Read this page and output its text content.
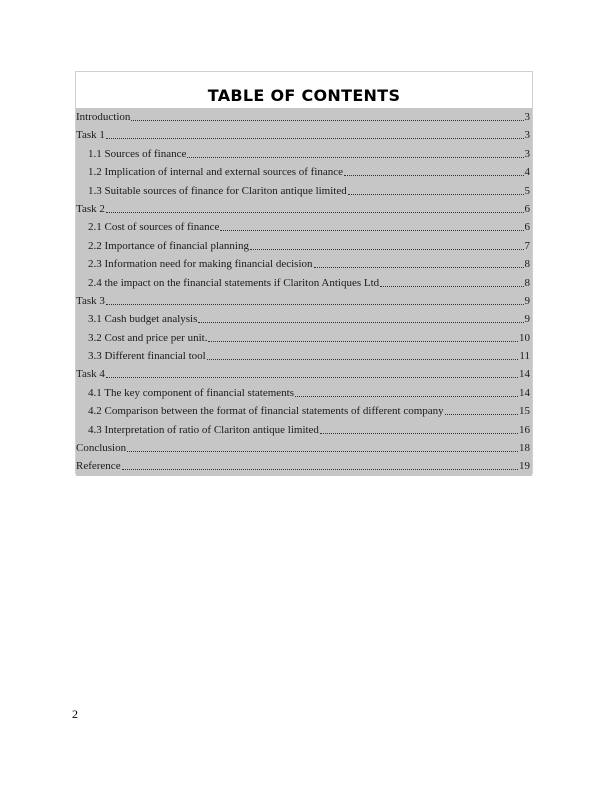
TABLE OF CONTENTS
Introduction	3
Task 1	3
1.1 Sources of finance	3
1.2 Implication of internal and external sources of finance	4
1.3 Suitable sources of finance for Clariton antique limited	5
Task 2	6
2.1 Cost of sources of finance	6
2.2 Importance of financial planning	7
2.3 Information need for making financial decision	8
2.4 the impact on the financial statements if Clariton Antiques Ltd	8
Task 3	9
3.1 Cash budget analysis	9
3.2 Cost and price per unit.	10
3.3 Different financial tool	11
Task 4	14
4.1 The key component of financial statements	14
4.2 Comparison between the format of financial statements of different company	15
4.3 Interpretation of ratio of Clariton antique limited	16
Conclusion	18
Reference	19
2
